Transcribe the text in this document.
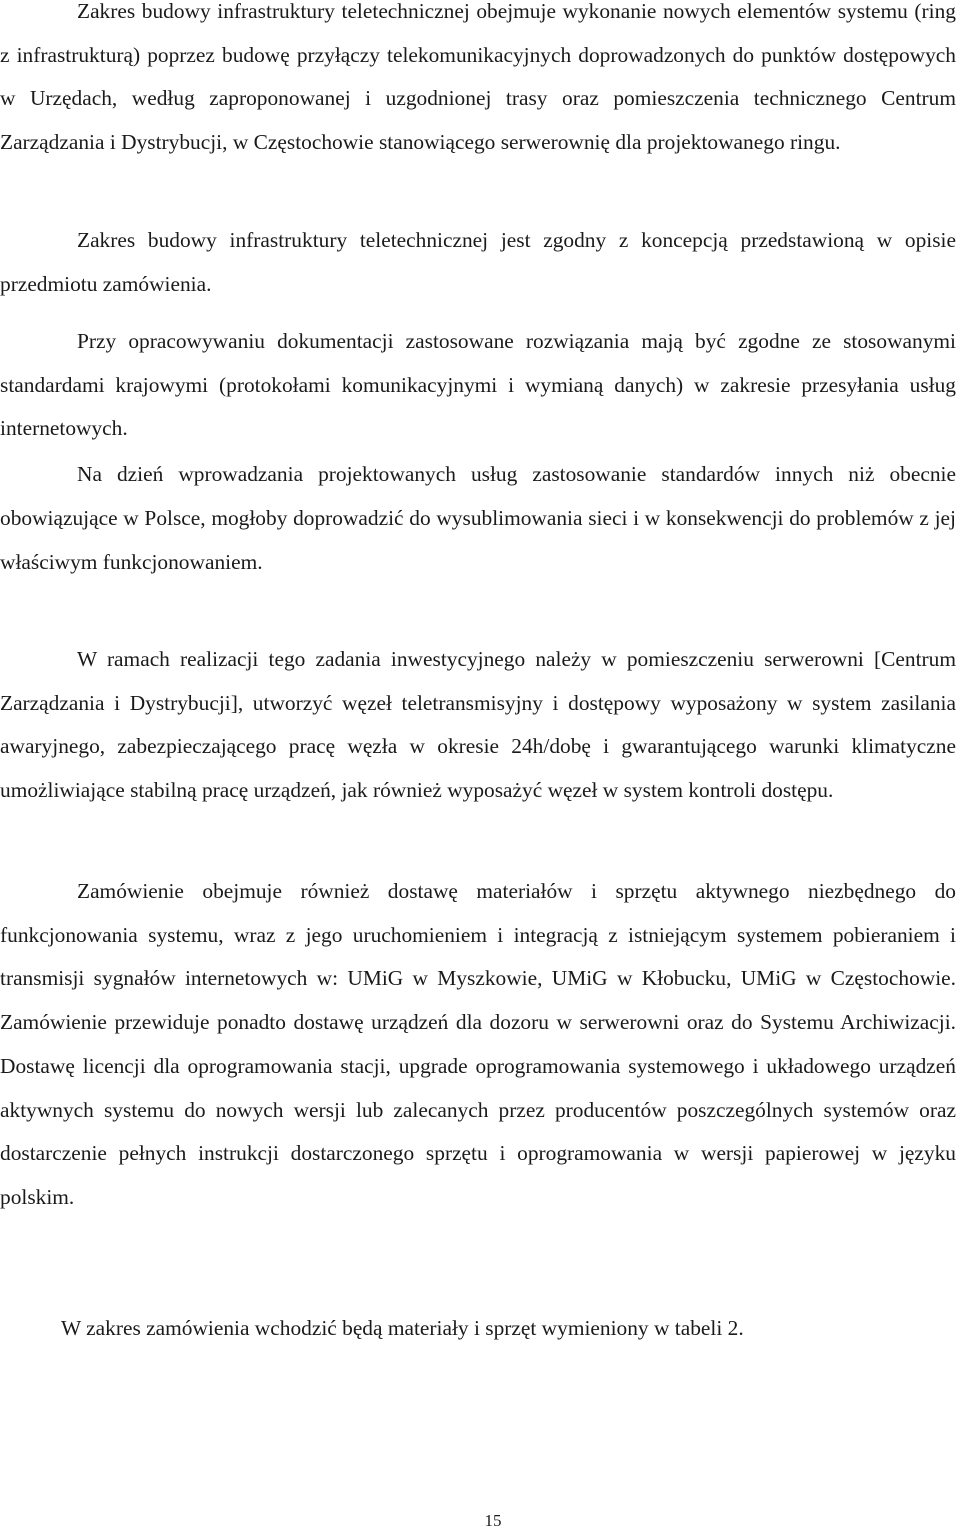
Zakres budowy infrastruktury teletechnicznej obejmuje wykonanie nowych elementów systemu (ring z infrastrukturą) poprzez budowę przyłączy telekomunikacyjnych doprowadzonych do punktów dostępowych w Urzędach, według zaproponowanej i uzgodnionej trasy oraz pomieszczenia technicznego Centrum Zarządzania i Dystrybucji, w Częstochowie stanowiącego serwerownię dla projektowanego ringu.

Zakres budowy infrastruktury teletechnicznej jest zgodny z koncepcją przedstawioną w opisie przedmiotu zamówienia.

Przy opracowywaniu dokumentacji zastosowane rozwiązania mają być zgodne ze stosowanymi standardami krajowymi (protokołami komunikacyjnymi i wymianą danych) w zakresie przesyłania usług internetowych.

Na dzień wprowadzania projektowanych usług zastosowanie standardów innych niż obecnie obowiązujące w Polsce, mogłoby doprowadzić do wysublimowania sieci i w konsekwencji do problemów z jej właściwym funkcjonowaniem.

W ramach realizacji tego zadania inwestycyjnego należy w pomieszczeniu serwerowni [Centrum Zarządzania i Dystrybucji], utworzyć węzeł teletransmisyjny i dostępowy wyposażony w system zasilania awaryjnego, zabezpieczającego pracę węzła w okresie 24h/dobę i gwarantującego warunki klimatyczne umożliwiające stabilną pracę urządzeń, jak również wyposażyć węzeł w system kontroli dostępu.

Zamówienie obejmuje również dostawę materiałów i sprzętu aktywnego niezbędnego do funkcjonowania systemu, wraz z jego uruchomieniem i integracją z istniejącym systemem pobieraniem i transmisji sygnałów internetowych w: UMiG w Myszkowie, UMiG w Kłobucku, UMiG w Częstochowie. Zamówienie przewiduje ponadto dostawę urządzeń dla dozoru w serwerowni oraz do Systemu Archiwizacji. Dostawę licencji dla oprogramowania stacji, upgrade oprogramowania systemowego i układowego urządzeń aktywnych systemu do nowych wersji lub zalecanych przez producentów poszczególnych systemów oraz dostarczenie pełnych instrukcji dostarczonego sprzętu i oprogramowania w wersji papierowej w języku polskim.

W zakres zamówienia wchodzić będą materiały i sprzęt wymieniony w tabeli 2.

15
